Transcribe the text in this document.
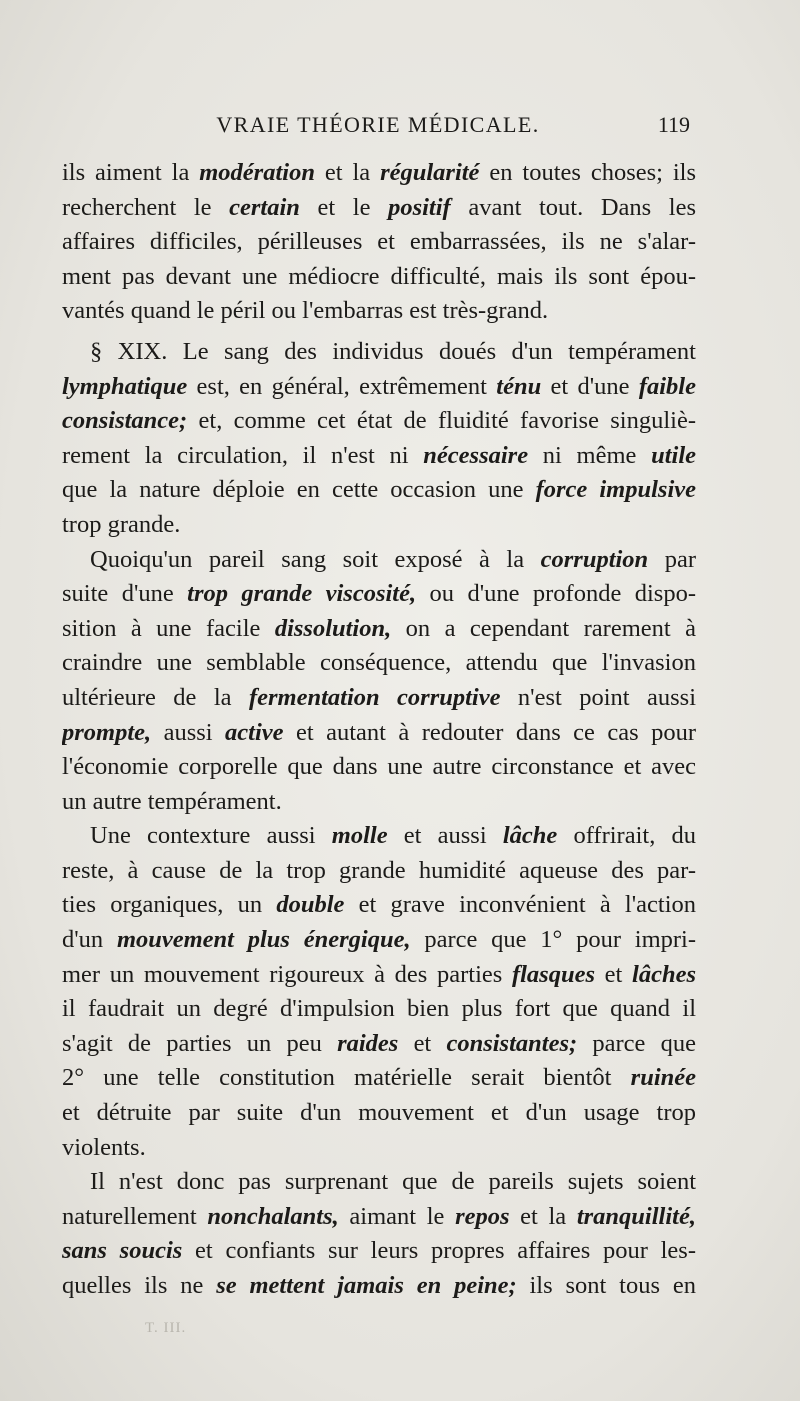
VRAIE THÉORIE MÉDICALE.	119
ils aiment la modération et la régularité en toutes choses; ils
recherchent le certain et le positif avant tout. Dans les
affaires difficiles, périlleuses et embarrassées, ils ne s'alar-
ment pas devant une médiocre difficulté, mais ils sont épou-
vantés quand le péril ou l'embarras est très-grand.
§ XIX. Le sang des individus doués d'un tempérament
lymphatique est, en général, extrêmement ténu et d'une faible
consistance; et, comme cet état de fluidité favorise singuliè-
rement la circulation, il n'est ni nécessaire ni même utile
que la nature déploie en cette occasion une force impulsive
trop grande.
Quoiqu'un pareil sang soit exposé à la corruption par
suite d'une trop grande viscosité, ou d'une profonde dispo-
sition à une facile dissolution, on a cependant rarement à
craindre une semblable conséquence, attendu que l'invasion
ultérieure de la fermentation corruptive n'est point aussi
prompte, aussi active et autant à redouter dans ce cas pour
l'économie corporelle que dans une autre circonstance et avec
un autre tempérament.
Une contexture aussi molle et aussi lâche offrirait, du
reste, à cause de la trop grande humidité aqueuse des par-
ties organiques, un double et grave inconvénient à l'action
d'un mouvement plus énergique, parce que 1° pour impri-
mer un mouvement rigoureux à des parties flasques et lâches
il faudrait un degré d'impulsion bien plus fort que quand il
s'agit de parties un peu raides et consistantes; parce que
2° une telle constitution matérielle serait bientôt ruinée
et détruite par suite d'un mouvement et d'un usage trop
violents.
Il n'est donc pas surprenant que de pareils sujets soient
naturellement nonchalants, aimant le repos et la tranquillité,
sans soucis et confiants sur leurs propres affaires pour les-
quelles ils ne se mettent jamais en peine; ils sont tous en
T. III.
